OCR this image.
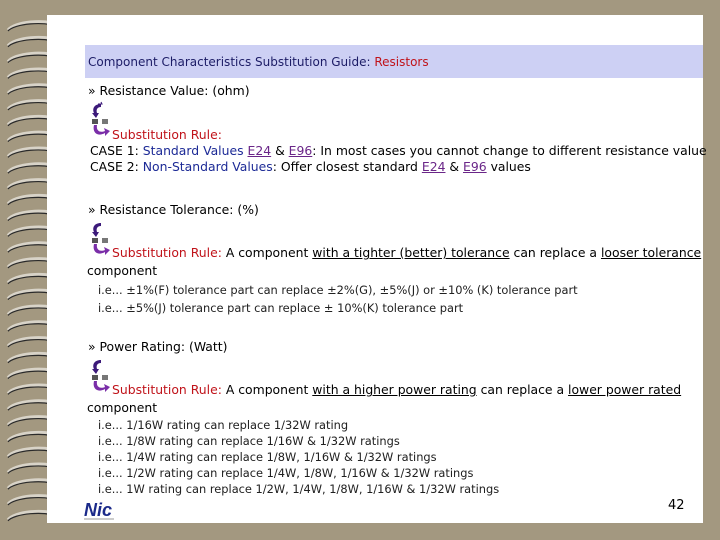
Component Characteristics Substitution Guide: Resistors
» Resistance Value: (ohm)
Substitution Rule:
CASE 1: Standard Values E24 & E96: In most cases you cannot change to different resistance value
CASE 2: Non-Standard Values: Offer closest standard E24 & E96 values
» Resistance Tolerance: (%)
Substitution Rule: A component with a tighter (better) tolerance can replace a looser tolerance
component
i.e... ±1%(F) tolerance part can replace ±2%(G), ±5%(J) or ±10% (K) tolerance part
i.e... ±5%(J) tolerance part can replace ± 10%(K) tolerance part
» Power Rating: (Watt)
Substitution Rule: A component with a higher power rating can replace a lower power rated
component
i.e... 1/16W rating can replace 1/32W rating
i.e... 1/8W rating can replace 1/16W & 1/32W ratings
i.e... 1/4W rating can replace 1/8W, 1/16W & 1/32W ratings
i.e... 1/2W rating can replace 1/4W, 1/8W, 1/16W & 1/32W ratings
i.e... 1W rating can replace 1/2W, 1/4W, 1/8W, 1/16W & 1/32W ratings
Nic	42
